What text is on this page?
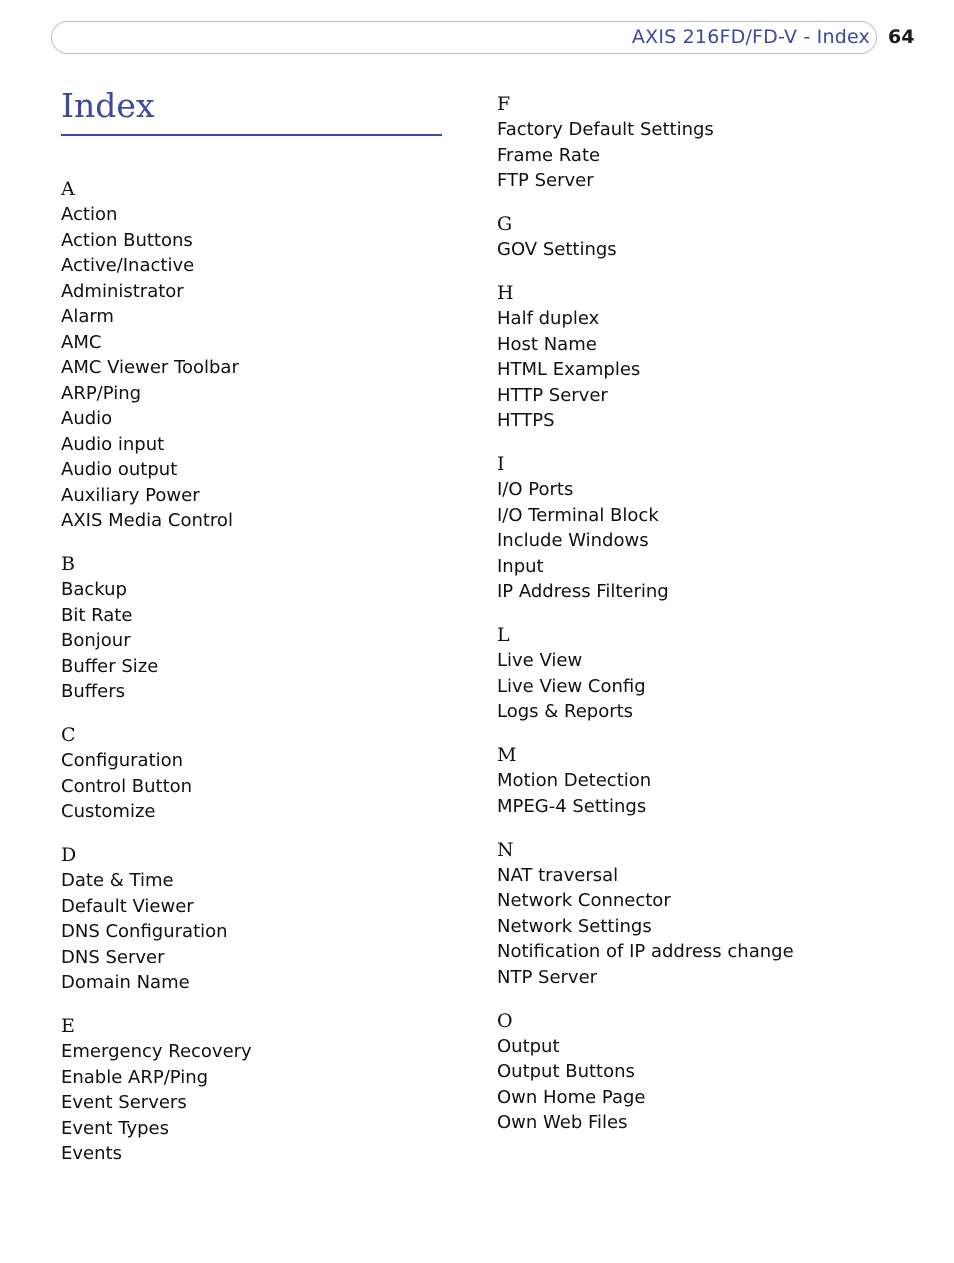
AXIS 216FD/FD-V - Index 64
Index
A
Action
Action Buttons
Active/Inactive
Administrator
Alarm
AMC
AMC Viewer Toolbar
ARP/Ping
Audio
Audio input
Audio output
Auxiliary Power
AXIS Media Control
B
Backup
Bit Rate
Bonjour
Buffer Size
Buffers
C
Configuration
Control Button
Customize
D
Date & Time
Default Viewer
DNS Configuration
DNS Server
Domain Name
E
Emergency Recovery
Enable ARP/Ping
Event Servers
Event Types
Events
F
Factory Default Settings
Frame Rate
FTP Server
G
GOV Settings
H
Half duplex
Host Name
HTML Examples
HTTP Server
HTTPS
I
I/O Ports
I/O Terminal Block
Include Windows
Input
IP Address Filtering
L
Live View
Live View Config
Logs & Reports
M
Motion Detection
MPEG-4 Settings
N
NAT traversal
Network Connector
Network Settings
Notification of IP address change
NTP Server
O
Output
Output Buttons
Own Home Page
Own Web Files
